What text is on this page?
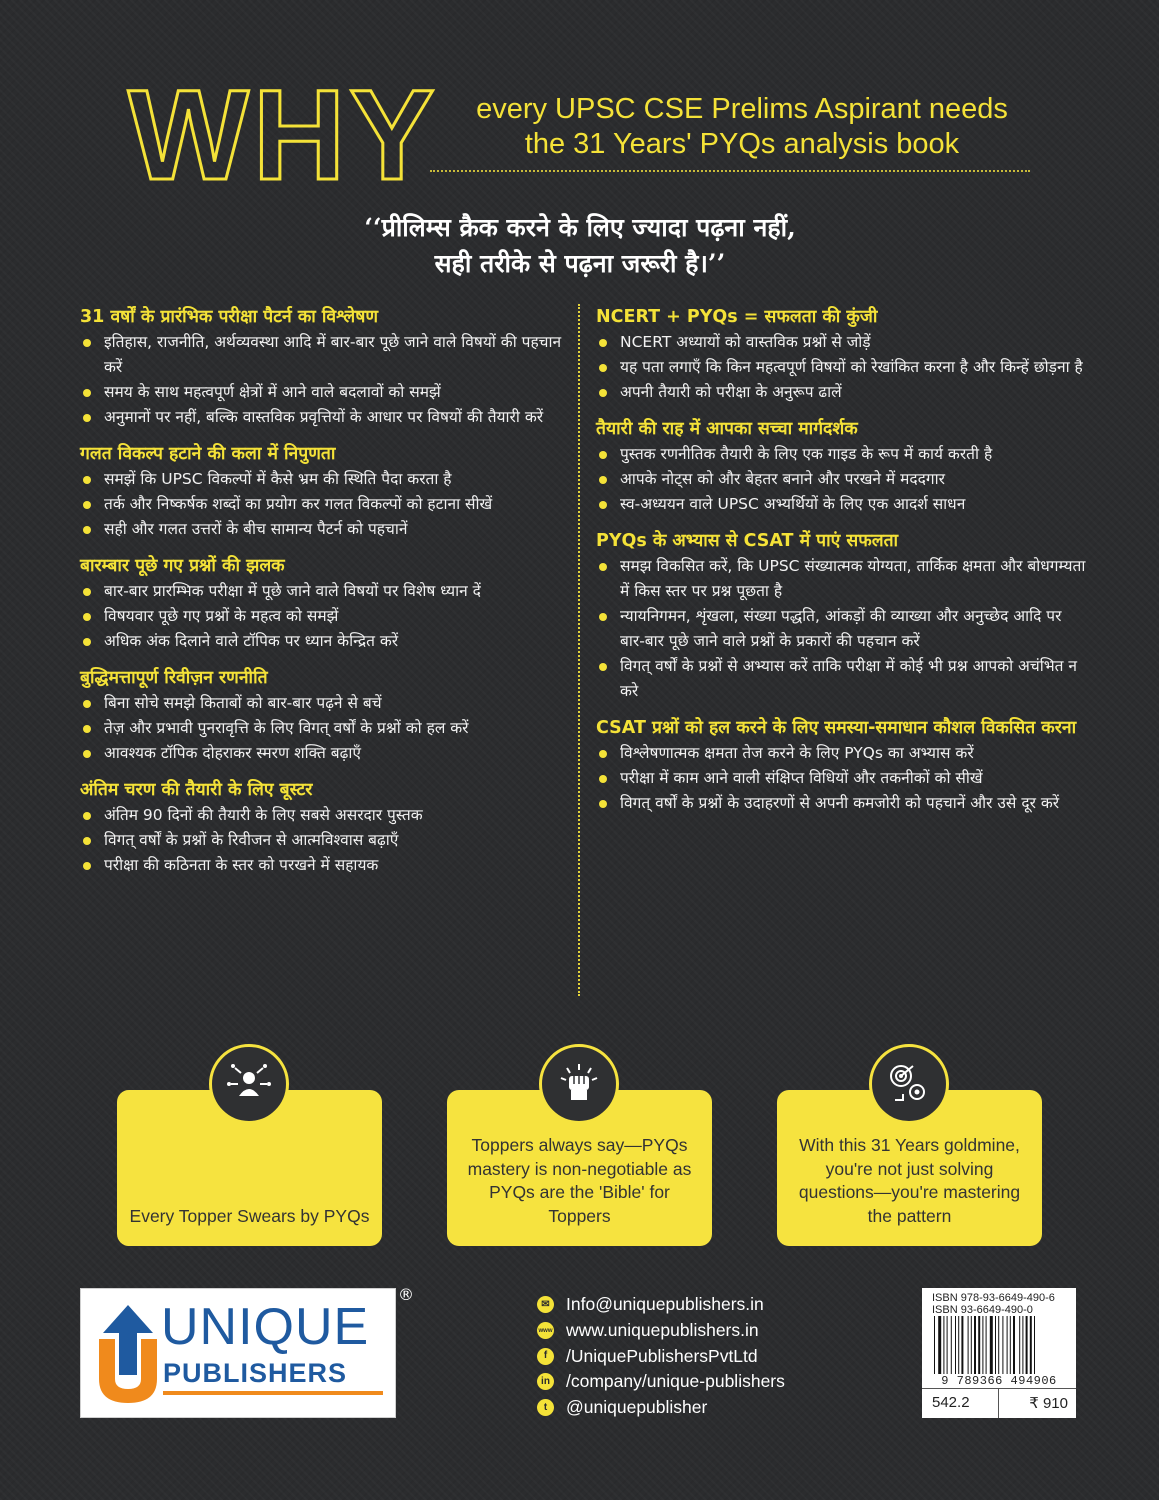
WHY	every UPSC CSE Prelims Aspirant needs
the 31 Years' PYQs analysis book
‘‘प्रीलिम्स क्रैक करने के लिए ज्यादा पढ़ना नहीं,
सही तरीके से पढ़ना जरूरी है।’’
31 वर्षों के प्रारंभिक परीक्षा पैटर्न का विश्लेषण
इतिहास, राजनीति, अर्थव्यवस्था आदि में बार-बार पूछे जाने वाले विषयों की पहचान करें
समय के साथ महत्वपूर्ण क्षेत्रों में आने वाले बदलावों को समझें
अनुमानों पर नहीं, बल्कि वास्तविक प्रवृत्तियों के आधार पर विषयों की तैयारी करें
गलत विकल्प हटाने की कला में निपुणता
समझें कि UPSC विकल्पों में कैसे भ्रम की स्थिति पैदा करता है
तर्क और निष्कर्षक शब्दों का प्रयोग कर गलत विकल्पों को हटाना सीखें
सही और गलत उत्तरों के बीच सामान्य पैटर्न को पहचानें
बारम्बार पूछे गए प्रश्नों की झलक
बार-बार प्रारम्भिक परीक्षा में पूछे जाने वाले विषयों पर विशेष ध्यान दें
विषयवार पूछे गए प्रश्नों के महत्व को समझें
अधिक अंक दिलाने वाले टॉपिक पर ध्यान केन्द्रित करें
बुद्धिमत्तापूर्ण रिवीज़न रणनीति
बिना सोचे समझे किताबों को बार-बार पढ़ने से बचें
तेज़ और प्रभावी पुनरावृत्ति के लिए विगत् वर्षों के प्रश्नों को हल करें
आवश्यक टॉपिक दोहराकर स्मरण शक्ति बढ़ाएँ
अंतिम चरण की तैयारी के लिए बूस्टर
अंतिम 90 दिनों की तैयारी के लिए सबसे असरदार पुस्तक
विगत् वर्षों के प्रश्नों के रिवीजन से आत्मविश्वास बढ़ाएँ
परीक्षा की कठिनता के स्तर को परखने में सहायक
NCERT + PYQs = सफलता की कुंजी
NCERT अध्यायों को वास्तविक प्रश्नों से जोड़ें
यह पता लगाएँ कि किन महत्वपूर्ण विषयों को रेखांकित करना है और किन्हें छोड़ना है
अपनी तैयारी को परीक्षा के अनुरूप ढालें
तैयारी की राह में आपका सच्चा मार्गदर्शक
पुस्तक रणनीतिक तैयारी के लिए एक गाइड के रूप में कार्य करती है
आपके नोट्स को और बेहतर बनाने और परखने में मददगार
स्व-अध्ययन वाले UPSC अभ्यर्थियों के लिए एक आदर्श साधन
PYQs के अभ्यास से CSAT में पाएं सफलता
समझ विकसित करें, कि UPSC संख्यात्मक योग्यता, तार्किक क्षमता और बोधगम्यता में किस स्तर पर प्रश्न पूछता है
न्यायनिगमन, शृंखला, संख्या पद्धति, आंकड़ों की व्याख्या और अनुच्छेद आदि पर बार-बार पूछे जाने वाले प्रश्नों के प्रकारों की पहचान करें
विगत् वर्षों के प्रश्नों से अभ्यास करें ताकि परीक्षा में कोई भी प्रश्न आपको अचंभित न करे
CSAT प्रश्नों को हल करने के लिए समस्या-समाधान कौशल विकसित करना
विश्लेषणात्मक क्षमता तेज करने के लिए PYQs का अभ्यास करें
परीक्षा में काम आने वाली संक्षिप्त विधियों और तकनीकों को सीखें
विगत् वर्षों के प्रश्नों के उदाहरणों से अपनी कमजोरी को पहचानें और उसे दूर करें
Every Topper Swears by PYQs
Toppers always say—PYQs mastery is non-negotiable as PYQs are the 'Bible' for Toppers
With this 31 Years goldmine, you're not just solving questions—you're mastering the pattern
UNIQUE
PUBLISHERS
®
✉ Info@uniquepublishers.in
www www.uniquepublishers.in
f	/UniquePublishersPvtLtd
in /company/unique-publishers
t	@uniquepublisher
ISBN 978-93-6649-490-6
ISBN 93-6649-490-0
9 789366 494906
542.2	₹ 910
